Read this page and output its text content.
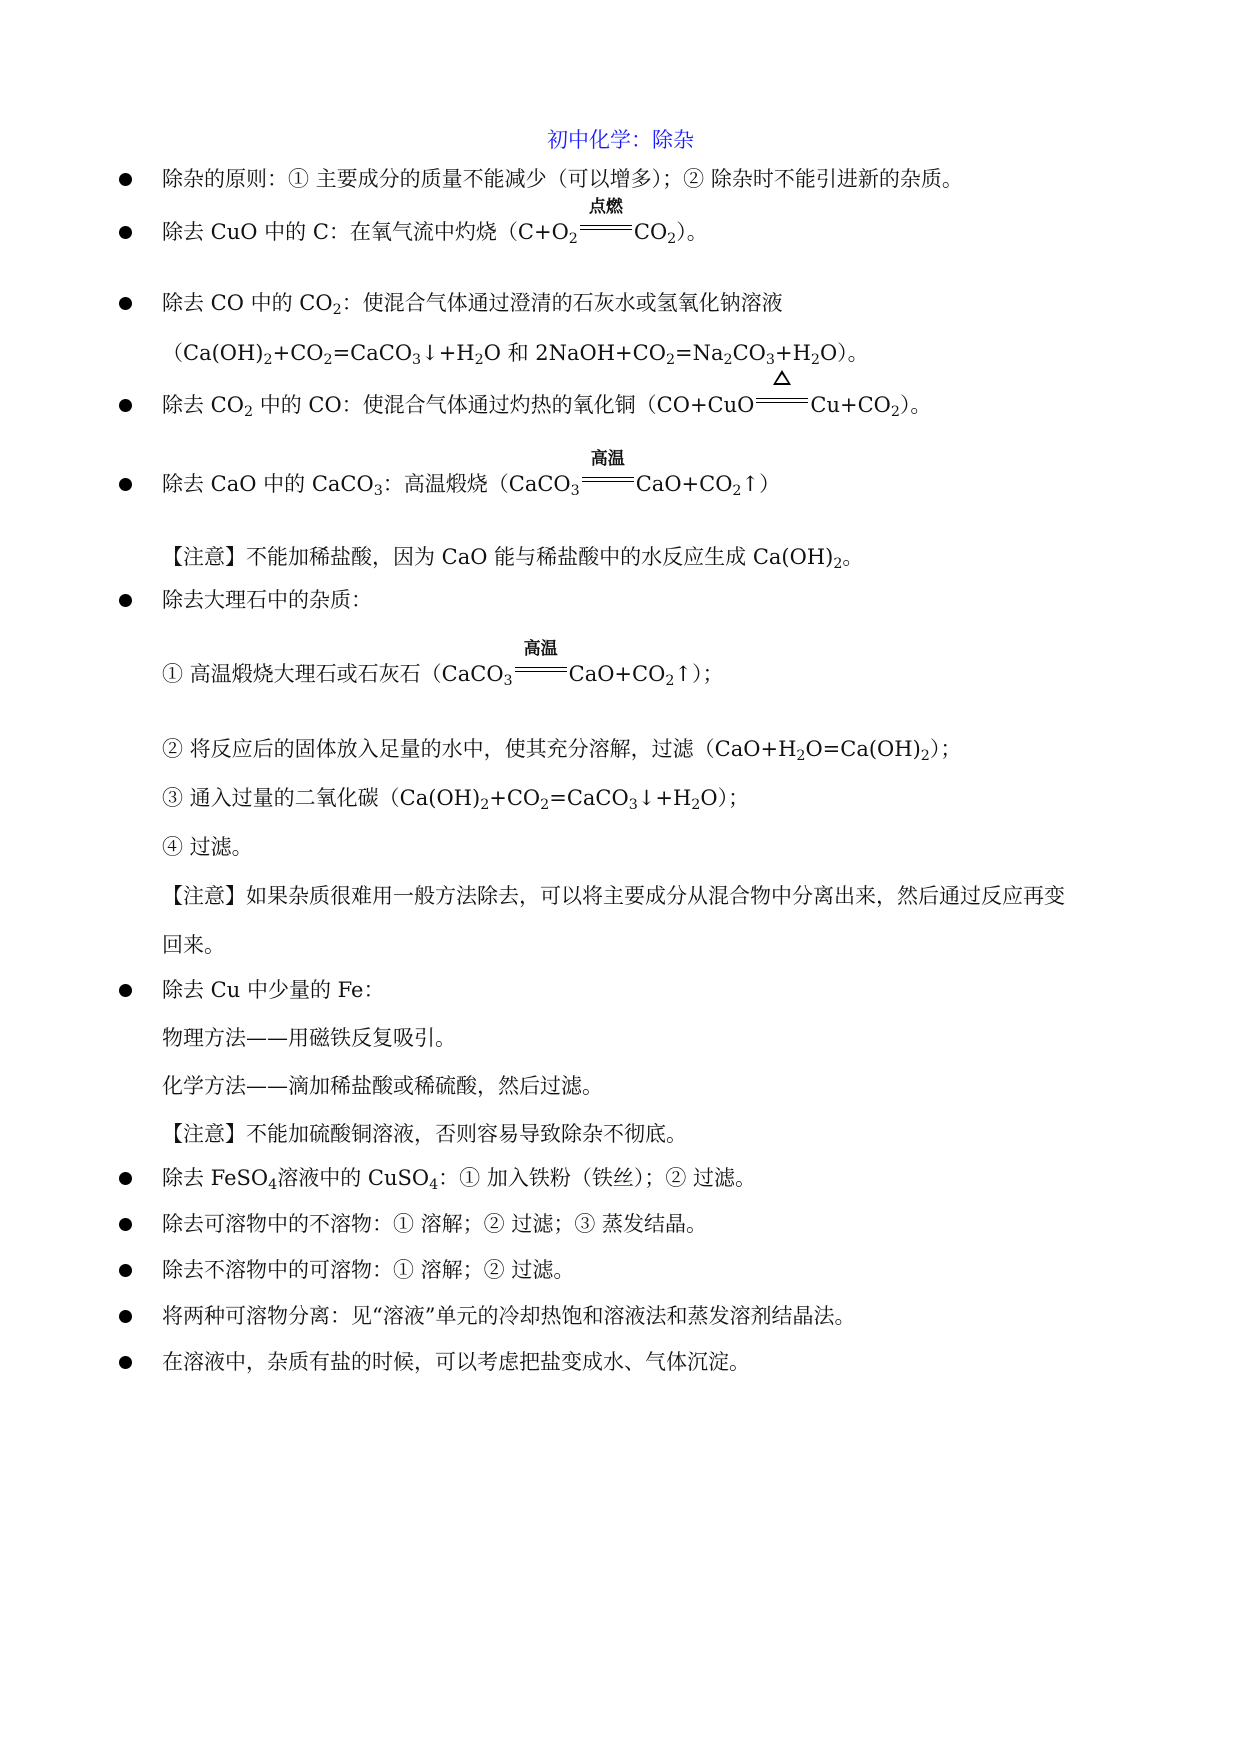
初中化学：除杂
除杂的原则：① 主要成分的质量不能减少（可以增多）；② 除杂时不能引进新的杂质。
除去 CuO 中的 C：在氧气流中灼烧（$C+O_2$
点燃
$CO_2$）。
除去 CO 中的 $CO_2$：使混合气体通过澄清的石灰水或氢氧化钠溶液
（$Ca(OH)_2+CO_2=CaCO_3↓+H_2O$ 和 $2NaOH+CO_2=Na_2CO_3+H_2O$）。
除去 $CO_2$ 中的 CO：使混合气体通过灼热的氧化铜（CO+CuO	$Cu+CO_2$）。
除去 CaO 中的 CaCO$_3$：高温煅烧（CaCO$_3$
高温
$CaO+CO_2↑$）
【注意】不能加稀盐酸，因为 CaO 能与稀盐酸中的水反应生成 $Ca(OH)_2$。
除去大理石中的杂质：
① 高温煅烧大理石或石灰石（CaCO$_3$
高温
$CaO+CO_2↑$）；
② 将反应后的固体放入足量的水中，使其充分溶解，过滤$(CaO+H_2O=Ca(OH)_2)$；
③ 通入过量的二氧化碳$(Ca(OH)_2+CO_2=CaCO_3↓+H_2O)$；
④ 过滤。
【注意】如果杂质很难用一般方法除去，可以将主要成分从混合物中分离出来，然后通过反应再变
回来。
除去 Cu 中少量的 Fe：
物理方法——用磁铁反复吸引。
化学方法——滴加稀盐酸或稀硫酸，然后过滤。
【注意】不能加硫酸铜溶液，否则容易导致除杂不彻底。
除去 FeSO$_4$溶液中的 CuSO$_4$：① 加入铁粉（铁丝）；② 过滤。
除去可溶物中的不溶物：① 溶解；② 过滤；③ 蒸发结晶。
除去不溶物中的可溶物：① 溶解；② 过滤。
将两种可溶物分离：见“溶液”单元的冷却热饱和溶液法和蒸发溶剂结晶法。
在溶液中，杂质有盐的时候，可以考虑把盐变成水、气体沉淀。
